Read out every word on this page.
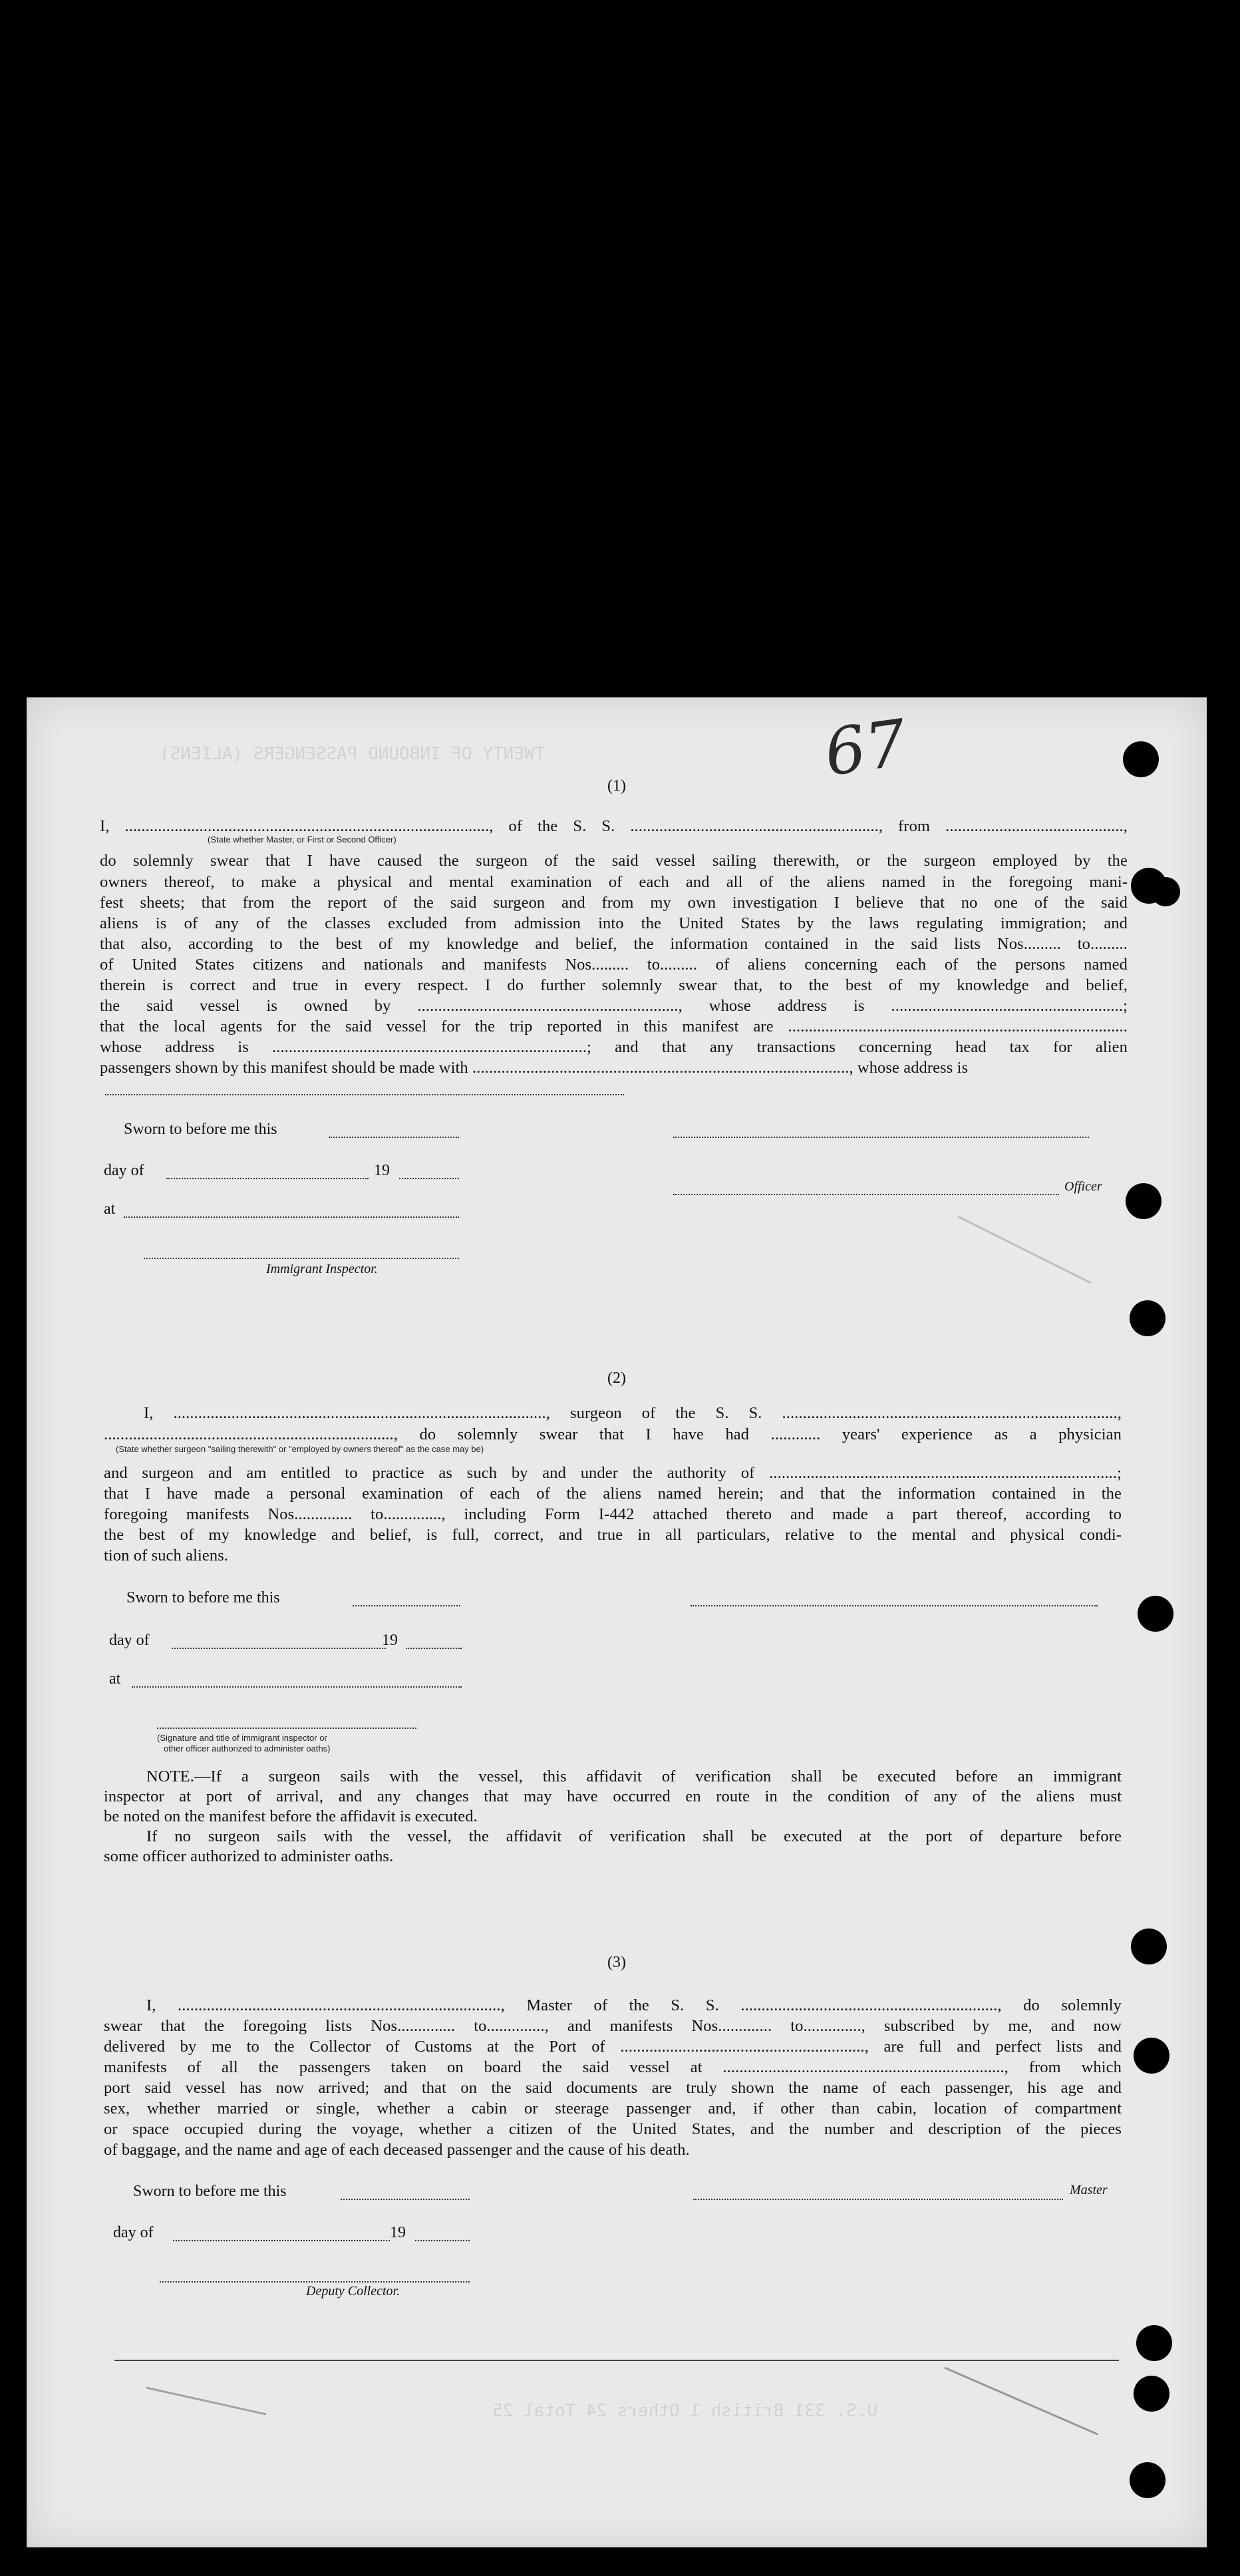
TWENTY OF INBOUND PASSENGERS (ALIENS)
U.S. 331 British 1 Others 24 Total 25
67
(1)
I, ........................................................................................, of the S. S. ............................................................, from ...........................................,
(State whether Master, or First or Second Officer)
do solemnly swear that I have caused the surgeon of the said vessel sailing therewith, or the surgeon employed by the
owners thereof, to make a physical and mental examination of each and all of the aliens named in the foregoing mani-
fest sheets; that from the report of the said surgeon and from my own investigation I believe that no one of the said
aliens is of any of the classes excluded from admission into the United States by the laws regulating immigration; and
that also, according to the best of my knowledge and belief, the information contained in the said lists Nos......... to.........
of United States citizens and nationals and manifests Nos......... to......... of aliens concerning each of the persons named
therein is correct and true in every respect. I do further solemnly swear that, to the best of my knowledge and belief,
the said vessel is owned by ..............................................................., whose address is ........................................................;
that the local agents for the said vessel for the trip reported in this manifest are ..................................................................................
whose address is ............................................................................; and that any transactions concerning head tax for alien
passengers shown by this manifest should be made with ..........................................................................................., whose address is
Sworn to before me this
day of	19
Officer
at
Immigrant Inspector.
(2)
I, .........................................................................................., surgeon of the S. S. .................................................................................,
......................................................................, do solemnly swear that I have had ............ years' experience as a physician
(State whether surgeon "sailing therewith" or "employed by owners thereof" as the case may be)
and surgeon and am entitled to practice as such by and under the authority of ....................................................................................;
that I have made a personal examination of each of the aliens named herein; and that the information contained in the
foregoing manifests Nos.............. to.............., including Form I-442 attached thereto and made a part thereof, according to
the best of my knowledge and belief, is full, correct, and true in all particulars, relative to the mental and physical condi-
tion of such aliens.
Sworn to before me this
day of	19
at
(Signature and title of immigrant inspector or
other officer authorized to administer oaths)
NOTE.—If a surgeon sails with the vessel, this affidavit of verification shall be executed before an immigrant
inspector at port of arrival, and any changes that may have occurred en route in the condition of any of the aliens must
be noted on the manifest before the affidavit is executed.
If no surgeon sails with the vessel, the affidavit of verification shall be executed at the port of departure before
some officer authorized to administer oaths.
(3)
I, .............................................................................., Master of the S. S. .............................................................., do solemnly
swear that the foregoing lists Nos.............. to.............., and manifests Nos............. to.............., subscribed by me, and now
delivered by me to the Collector of Customs at the Port of ..........................................................., are full and perfect lists and
manifests of all the passengers taken on board the said vessel at ...................................................................., from which
port said vessel has now arrived; and that on the said documents are truly shown the name of each passenger, his age and
sex, whether married or single, whether a cabin or steerage passenger and, if other than cabin, location of compartment
or space occupied during the voyage, whether a citizen of the United States, and the number and description of the pieces
of baggage, and the name and age of each deceased passenger and the cause of his death.
Sworn to before me this	Master
day of	19
Deputy Collector.
